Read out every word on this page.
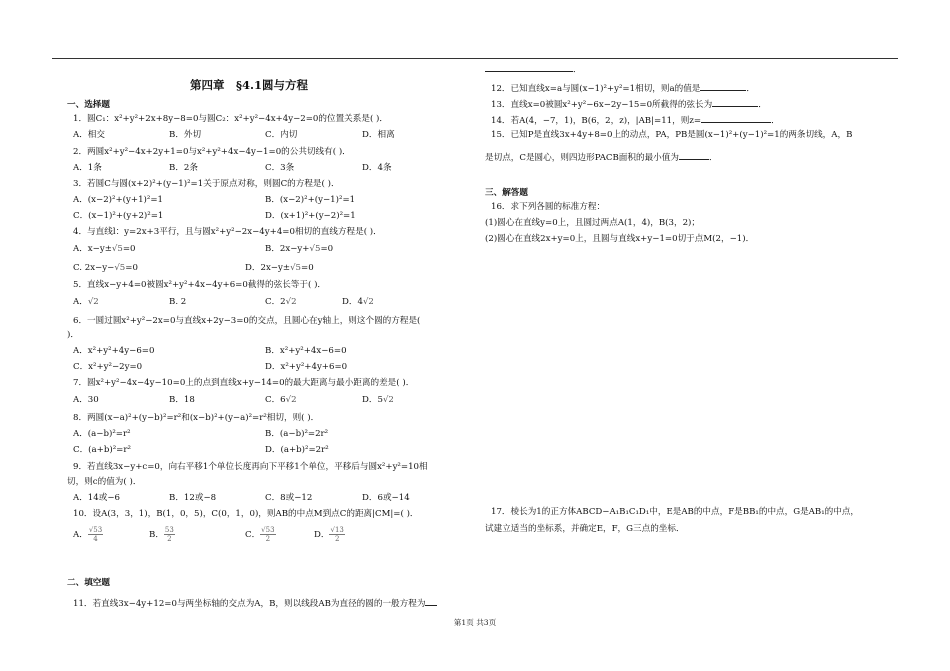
第四章　§4.1圆与方程
一、选择题
1．圆C₁：x²+y²+2x+8y−8=0与圆C₂：x²+y²−4x+4y−2=0的位置关系是( )．
A．相交	B．外切	C．内切	D．相离
2．两圆x²+y²−4x+2y+1=0与x²+y²+4x−4y−1=0的公共切线有( )．
A．1条	B．2条	C．3条	D．4条
3．若圆C与圆(x+2)²+(y−1)²=1关于原点对称，则圆C的方程是( )．
A．(x−2)²+(y+1)²=1	B．(x−2)²+(y−1)²=1
C．(x−1)²+(y+2)²=1	D．(x+1)²+(y−2)²=1
4．与直线l：y=2x+3平行，且与圆x²+y²−2x−4y+4=0相切的直线方程是( )．
A．x−y±√5=0	B．2x−y+√5=0
C. 2x−y−√5=0	D．2x−y±√5=0
5．直线x−y+4=0被圆x²+y²+4x−4y+6=0截得的弦长等于( )．
A．√2	B. 2	C．2√2	D．4√2
6．一圆过圆x²+y²−2x=0与直线x+2y−3=0的交点，且圆心在y轴上，则这个圆的方程是(
)．
A．x²+y²+4y−6=0	B．x²+y²+4x−6=0
C．x²+y²−2y=0	D．x²+y²+4y+6=0
7．圆x²+y²−4x−4y−10=0上的点到直线x+y−14=0的最大距离与最小距离的差是( )．
A．30	B．18	C．6√2	D．5√2
8．两圆(x−a)²+(y−b)²=r²和(x−b)²+(y−a)²=r²相切，则( )．
A．(a−b)²=r²	B．(a−b)²=2r²
C．(a+b)²=r²	D．(a+b)²=2r²
9．若直线3x−y+c=0，向右平移1个单位长度再向下平移1个单位，平移后与圆x²+y²=10相
切，则c的值为( )．
A．14或−6	B．12或−8	C．8或−12	D．6或−14
10．设A(3，3，1)，B(1，0，5)，C(0，1，0)，则AB的中点M到点C的距离|CM|=( )．
A． $\frac{√53}{4}$	B． $\frac{53}{2}$	C． $\frac{√53}{2}$	D． $\frac{√13}{2}$
二、填空题
11．若直线3x−4y+12=0与两坐标轴的交点为A，B，则以线段AB为直径的圆的一般方程为
．
12．已知直线x=a与圆(x−1)²+y²=1相切，则a的值是	．
13．直线x=0被圆x²+y²−6x−2y−15=0所截得的弦长为	．
14．若A(4，−7，1)，B(6，2，z)，|AB|=11，则z=	．
15．已知P是直线3x+4y+8=0上的动点，PA，PB是圆(x−1)²+(y−1)²=1的两条切线，A，B
是切点，C是圆心，则四边形PACB面积的最小值为	．
三、解答题
16．求下列各圆的标准方程：
(1)圆心在直线y=0上，且圆过两点A(1，4)，B(3，2)；
(2)圆心在直线2x+y=0上，且圆与直线x+y−1=0切于点M(2，−1)．
17．棱长为1的正方体ABCD−A₁B₁C₁D₁中，E是AB的中点，F是BB₁的中点，G是AB₁的中点，
试建立适当的坐标系，并确定E，F，G三点的坐标．
第1页 共3页
